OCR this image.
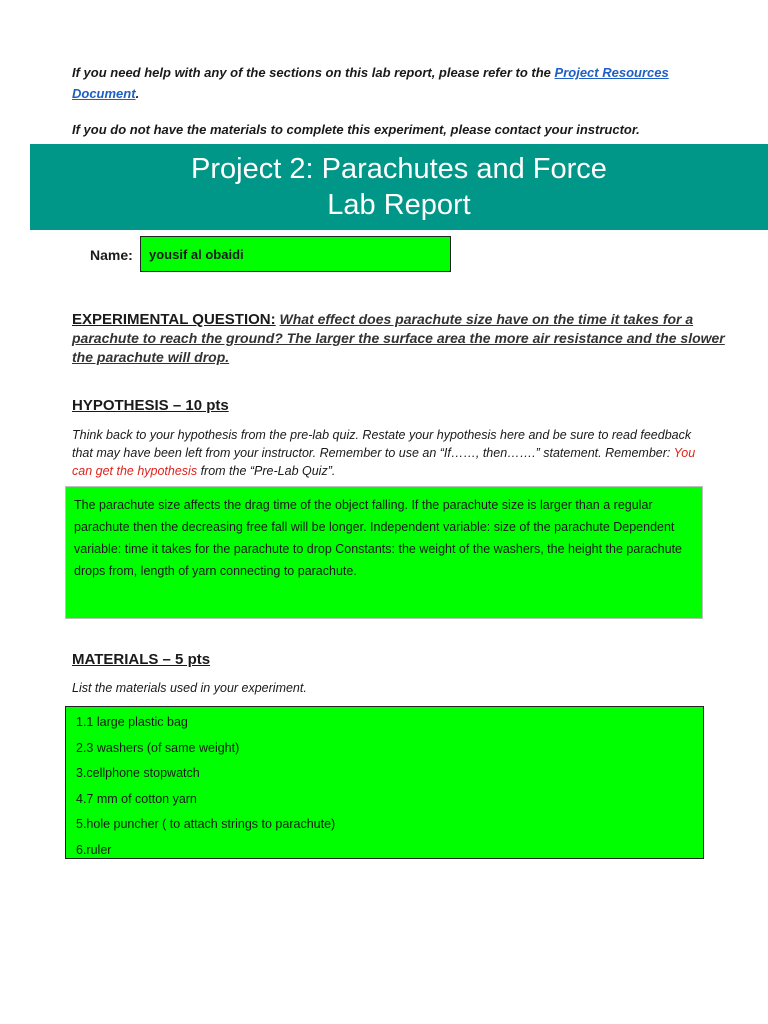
If you need help with any of the sections on this lab report, please refer to the Project Resources Document.
If you do not have the materials to complete this experiment, please contact your instructor.
Project 2: Parachutes and Force
Lab Report
Name:	yousif al obaidi
EXPERIMENTAL QUESTION: What effect does parachute size have on the time it takes for a parachute to reach the ground? The larger the surface area the more air resistance and the slower the parachute will drop.
HYPOTHESIS – 10 pts
Think back to your hypothesis from the pre-lab quiz. Restate your hypothesis here and be sure to read feedback that may have been left from your instructor. Remember to use an “If……, then…….” statement. Remember: You can get the hypothesis from the “Pre-Lab Quiz”.
The parachute size affects the drag time of the object falling. If the parachute size is larger than a regular parachute then the decreasing free fall will be longer. Independent variable: size of the parachute Dependent variable: time it takes for the parachute to drop Constants: the weight of the washers, the height the parachute drops from, length of yarn connecting to parachute.
MATERIALS – 5 pts
List the materials used in your experiment.
1.1 large plastic bag
2.3 washers (of same weight)
3.cellphone stopwatch
4.7 mm of cotton yarn
5.hole puncher ( to attach strings to parachute)
6.ruler
